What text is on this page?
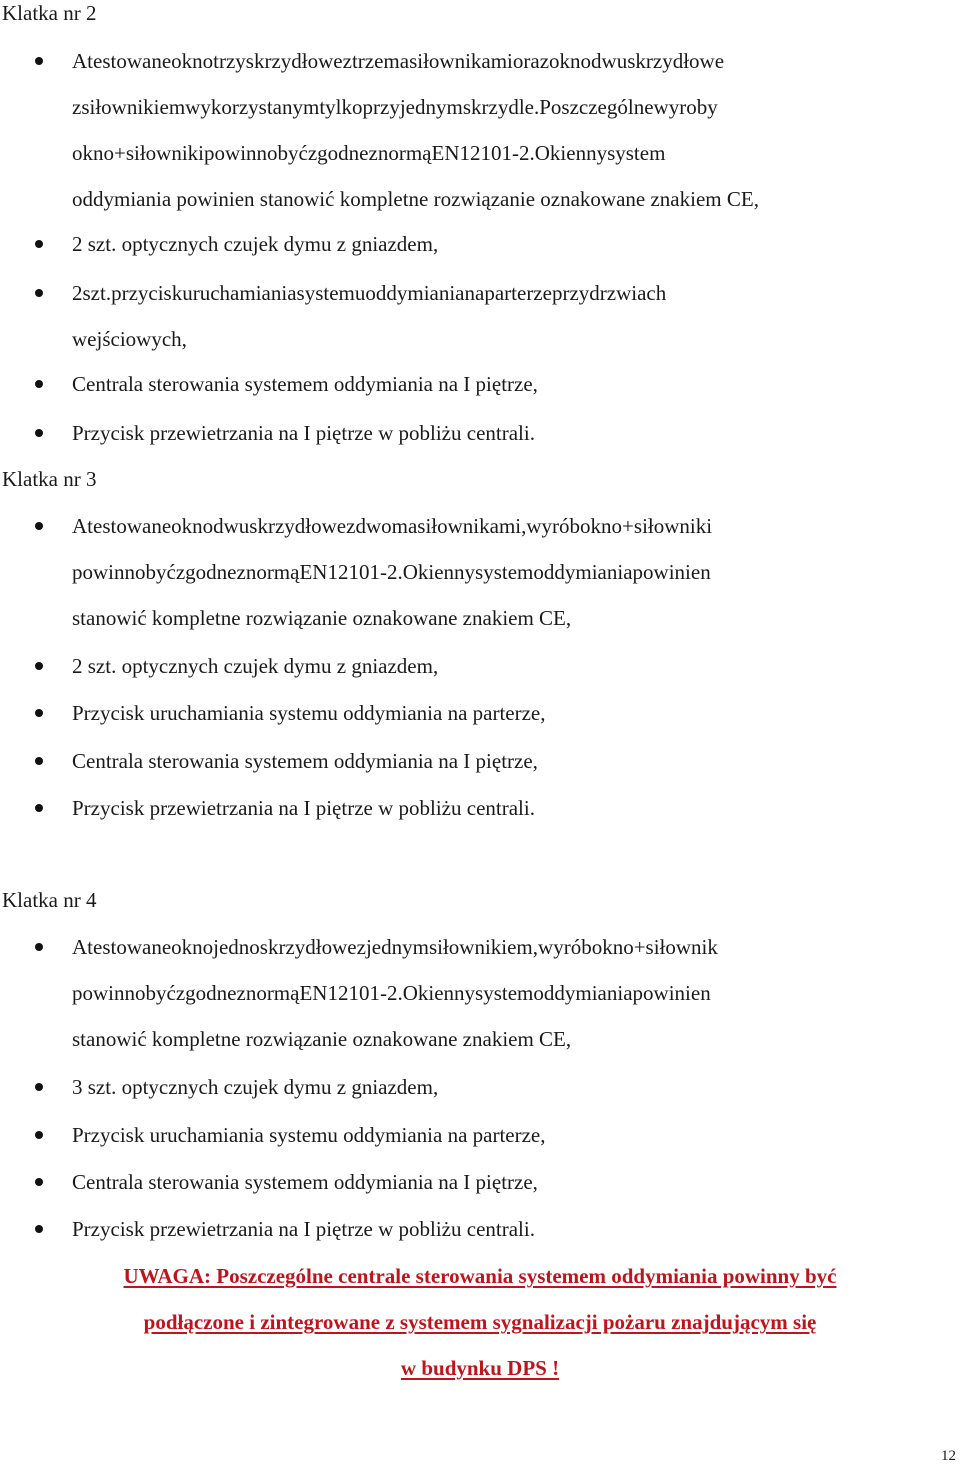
Klatka nr 2
Atestowaneoknotrzyskrzydłoweztrzemasiłownikamiorazoknodwuskrzydłowe
zsiłownikiemwykorzystanymtylkoprzyjednymskrzydle.Poszczególnewyroby
okno+siłownikipowinnobyćzgodneznormąEN12101-2.Okiennysystem
oddymiania powinien stanowić kompletne rozwiązanie oznakowane znakiem CE,
2 szt. optycznych czujek dymu z gniazdem,
2szt.przyciskuruchamianiasystemuoddymianianaparterzeprzydrzwiach
wejściowych,
Centrala sterowania systemem oddymiania na I piętrze,
Przycisk przewietrzania na I piętrze w pobliżu centrali.
Klatka nr 3
Atestowaneoknodwuskrzydłowezdwomasiłownikami,wyróbokno+siłowniki
powinnobyćzgodneznormąEN12101-2.Okiennysystemoddymianiapowinien
stanowić kompletne rozwiązanie oznakowane znakiem CE,
2 szt. optycznych czujek dymu z gniazdem,
Przycisk uruchamiania systemu oddymiania na parterze,
Centrala sterowania systemem oddymiania na I piętrze,
Przycisk przewietrzania na I piętrze w pobliżu centrali.
Klatka nr 4
Atestowaneoknojednoskrzydłowezjednymsiłownikiem,wyróbokno+siłownik
powinnobyćzgodneznormąEN12101-2.Okiennysystemoddymianiapowinien
stanowić kompletne rozwiązanie oznakowane znakiem CE,
3 szt. optycznych czujek dymu z gniazdem,
Przycisk uruchamiania systemu oddymiania na parterze,
Centrala sterowania systemem oddymiania na I piętrze,
Przycisk przewietrzania na I piętrze w pobliżu centrali.
UWAGA: Poszczególne centrale sterowania systemem oddymiania powinny być
podłączone i zintegrowane z systemem sygnalizacji pożaru znajdującym się
w budynku DPS !
12
